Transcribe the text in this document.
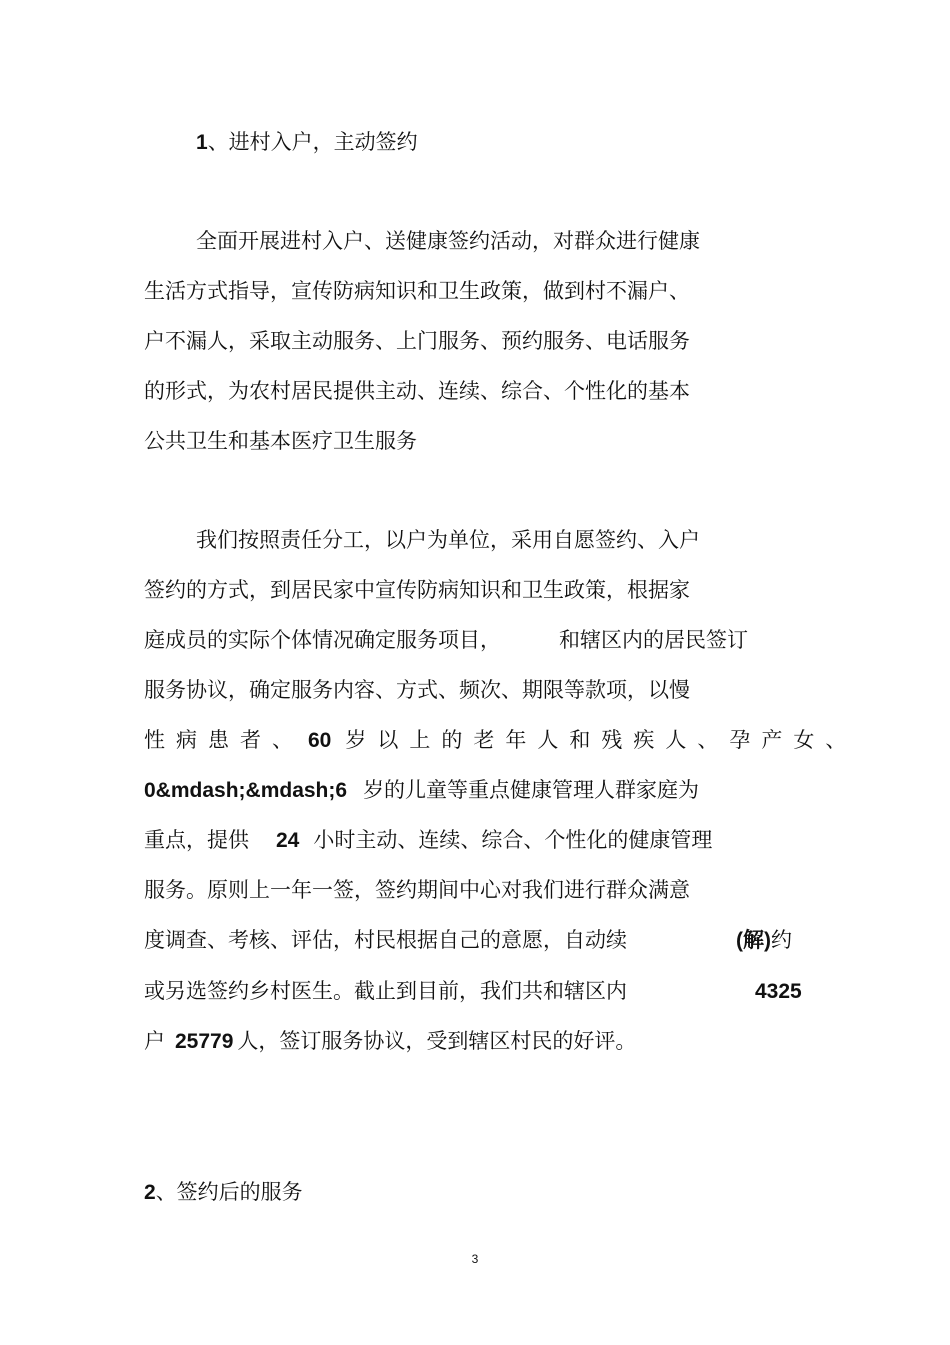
1、进村入户，主动签约

全面开展进村入户、送健康签约活动，对群众进行健康

生活方式指导，宣传防病知识和卫生政策，做到村不漏户、

户不漏人，采取主动服务、上门服务、预约服务、电话服务

的形式，为农村居民提供主动、连续、综合、个性化的基本

公共卫生和基本医疗卫生服务

我们按照责任分工，以户为单位，采用自愿签约、入户

签约的方式，到居民家中宣传防病知识和卫生政策，根据家

庭成员的实际个体情况确定服务项目，	和辖区内的居民签订

服务协议，确定服务内容、方式、频次、期限等款项，以慢

性病患者、 60 岁以上的老年人和残疾人、孕产女、

0&mdash;&mdash;6 岁的儿童等重点健康管理人群家庭为

重点，提供 24 小时主动、连续、综合、个性化的健康管理

服务。原则上一年一签，签约期间中心对我们进行群众满意

度调查、考核、评估，村民根据自己的意愿，自动续	(解)约

或另选签约乡村医生。截止到目前，我们共和辖区内	4325

户 25779 人，签订服务协议，受到辖区村民的好评。

2、签约后的服务

3
